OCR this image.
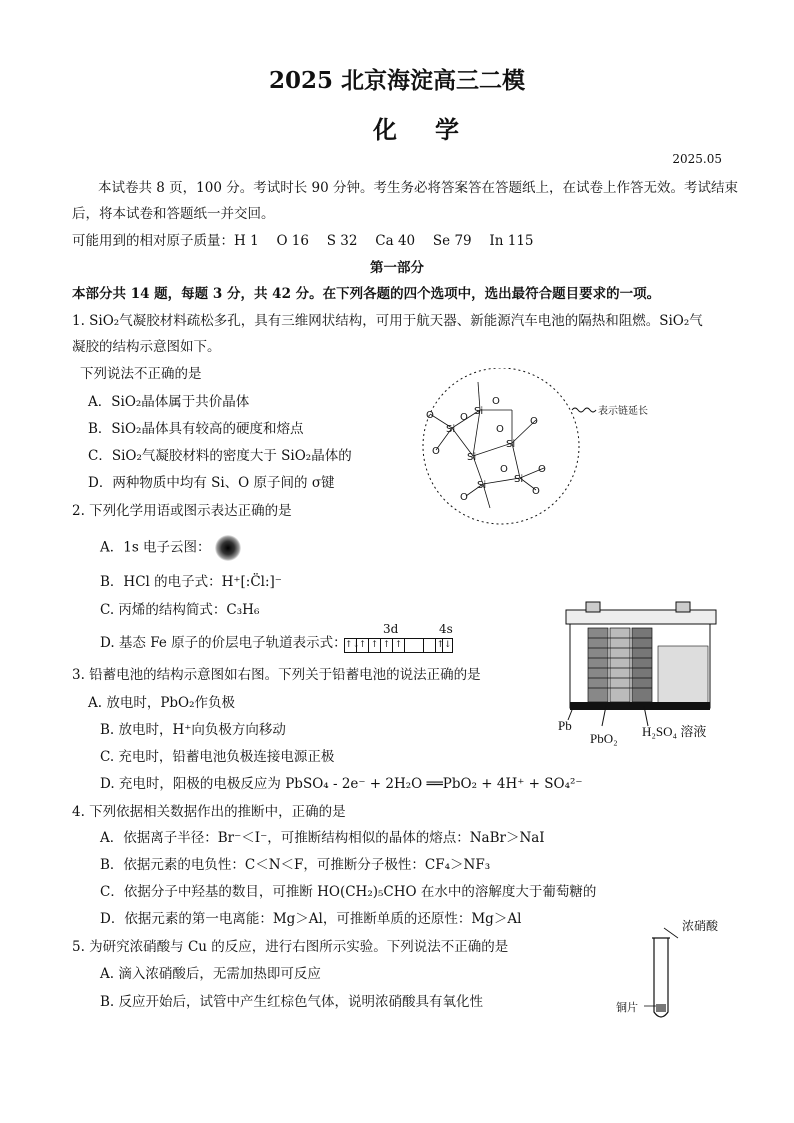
2025 北京海淀高三二模
化学
2025.05
本试卷共 8 页，100 分。考试时长 90 分钟。考生务必将答案答在答题纸上，在试卷上作答无效。考试结束
后，将本试卷和答题纸一并交回。
可能用到的相对原子质量：H 1　 O 16　 S 32　 Ca 40　 Se 79　 In 115
第一部分
本部分共 14 题，每题 3 分，共 42 分。在下列各题的四个选项中，选出最符合题目要求的一项。
1. SiO₂气凝胶材料疏松多孔，具有三维网状结构，可用于航天器、新能源汽车电池的隔热和阻燃。SiO₂气
凝胶的结构示意图如下。
下列说法不正确的是
A．SiO₂晶体属于共价晶体
B．SiO₂晶体具有较高的硬度和熔点
C．SiO₂气凝胶材料的密度大于 SiO₂晶体的
D．两种物质中均有 Si、O 原子间的 σ键
Si
Si
Si
Si
Si
Si
O
O
O
O
O
O
O
O
O
O
表示链延长
2. 下列化学用语或图示表达正确的是
A．1s 电子云图：
B．HCl 的电子式：H⁺[:C̈l:]⁻
C. 丙烯的结构简式：C₃H₆
D. 基态 Fe 原子的价层电子轨道表示式：
3d	4s
↑↓↑ ↑ ↑ ↑	↑↓
Pb
PbO₂ H₂SO₄ 溶液
3. 铅蓄电池的结构示意图如右图。下列关于铅蓄电池的说法正确的是
A. 放电时，PbO₂作负极
B. 放电时，H⁺向负极方向移动
C. 充电时，铅蓄电池负极连接电源正极
D. 充电时，阳极的电极反应为 PbSO₄ - 2e⁻ + 2H₂O ══PbO₂ + 4H⁺ + SO₄²⁻
4. 下列依据相关数据作出的推断中，正确的是
A．依据离子半径：Br⁻＜I⁻，可推断结构相似的晶体的熔点：NaBr＞NaI
B．依据元素的电负性：C＜N＜F，可推断分子极性：CF₄＞NF₃
C．依据分子中羟基的数目，可推断 HO(CH₂)₅CHO 在水中的溶解度大于葡萄糖的
D．依据元素的第一电离能：Mg＞Al，可推断单质的还原性：Mg＞Al
5. 为研究浓硝酸与 Cu 的反应，进行右图所示实验。下列说法不正确的是
A. 滴入浓硝酸后，无需加热即可反应
B. 反应开始后，试管中产生红棕色气体，说明浓硝酸具有氧化性
浓硝酸
铜片
